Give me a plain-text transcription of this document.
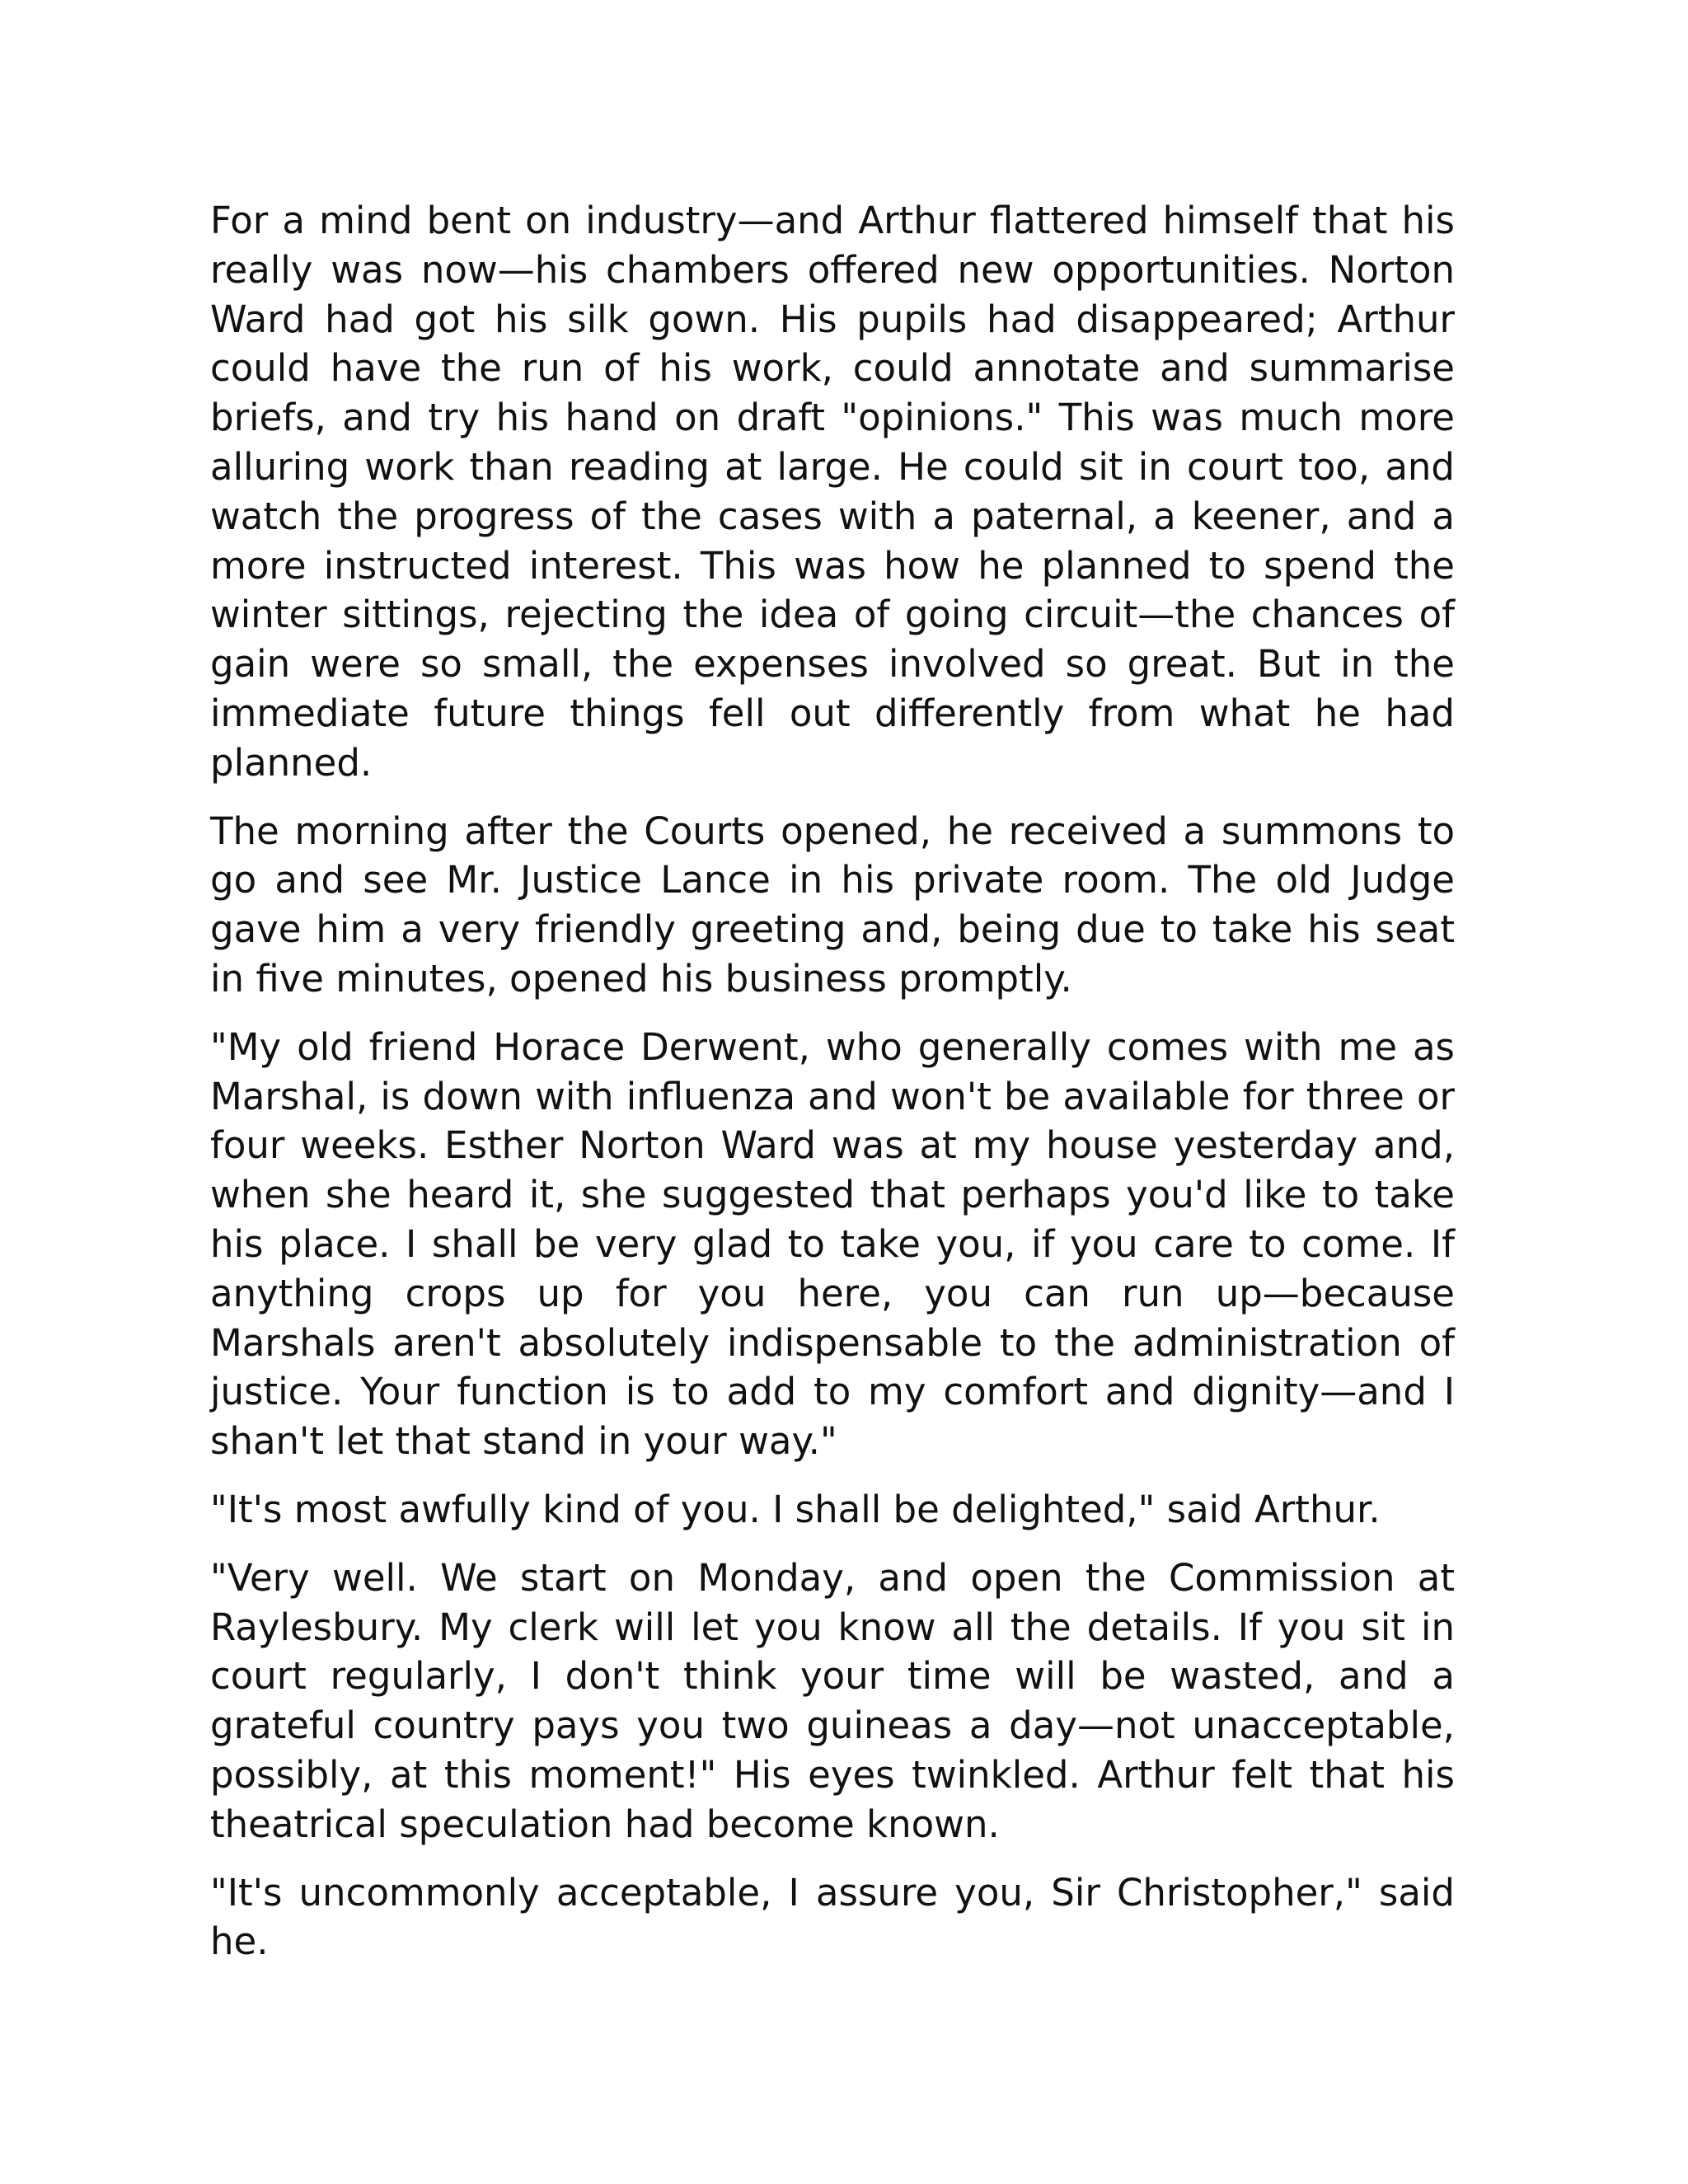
For a mind bent on industry—and Arthur flattered himself that his really was now—his chambers offered new opportunities. Norton Ward had got his silk gown. His pupils had disappeared; Arthur could have the run of his work, could annotate and summarise briefs, and try his hand on draft "opinions." This was much more alluring work than reading at large. He could sit in court too, and watch the progress of the cases with a paternal, a keener, and a more instructed interest. This was how he planned to spend the winter sittings, rejecting the idea of going circuit—the chances of gain were so small, the expenses involved so great. But in the immediate future things fell out differently from what he had planned.

The morning after the Courts opened, he received a summons to go and see Mr. Justice Lance in his private room. The old Judge gave him a very friendly greeting and, being due to take his seat in five minutes, opened his business promptly.

"My old friend Horace Derwent, who generally comes with me as Marshal, is down with influenza and won't be available for three or four weeks. Esther Norton Ward was at my house yesterday and, when she heard it, she suggested that perhaps you'd like to take his place. I shall be very glad to take you, if you care to come. If anything crops up for you here, you can run up—because Marshals aren't absolutely indispensable to the administration of justice. Your function is to add to my comfort and dignity—and I shan't let that stand in your way."

"It's most awfully kind of you. I shall be delighted," said Arthur.

"Very well. We start on Monday, and open the Commission at Raylesbury. My clerk will let you know all the details. If you sit in court regularly, I don't think your time will be wasted, and a grateful country pays you two guineas a day—not unacceptable, possibly, at this moment!" His eyes twinkled. Arthur felt that his theatrical speculation had become known.

"It's uncommonly acceptable, I assure you, Sir Christopher," said he.
